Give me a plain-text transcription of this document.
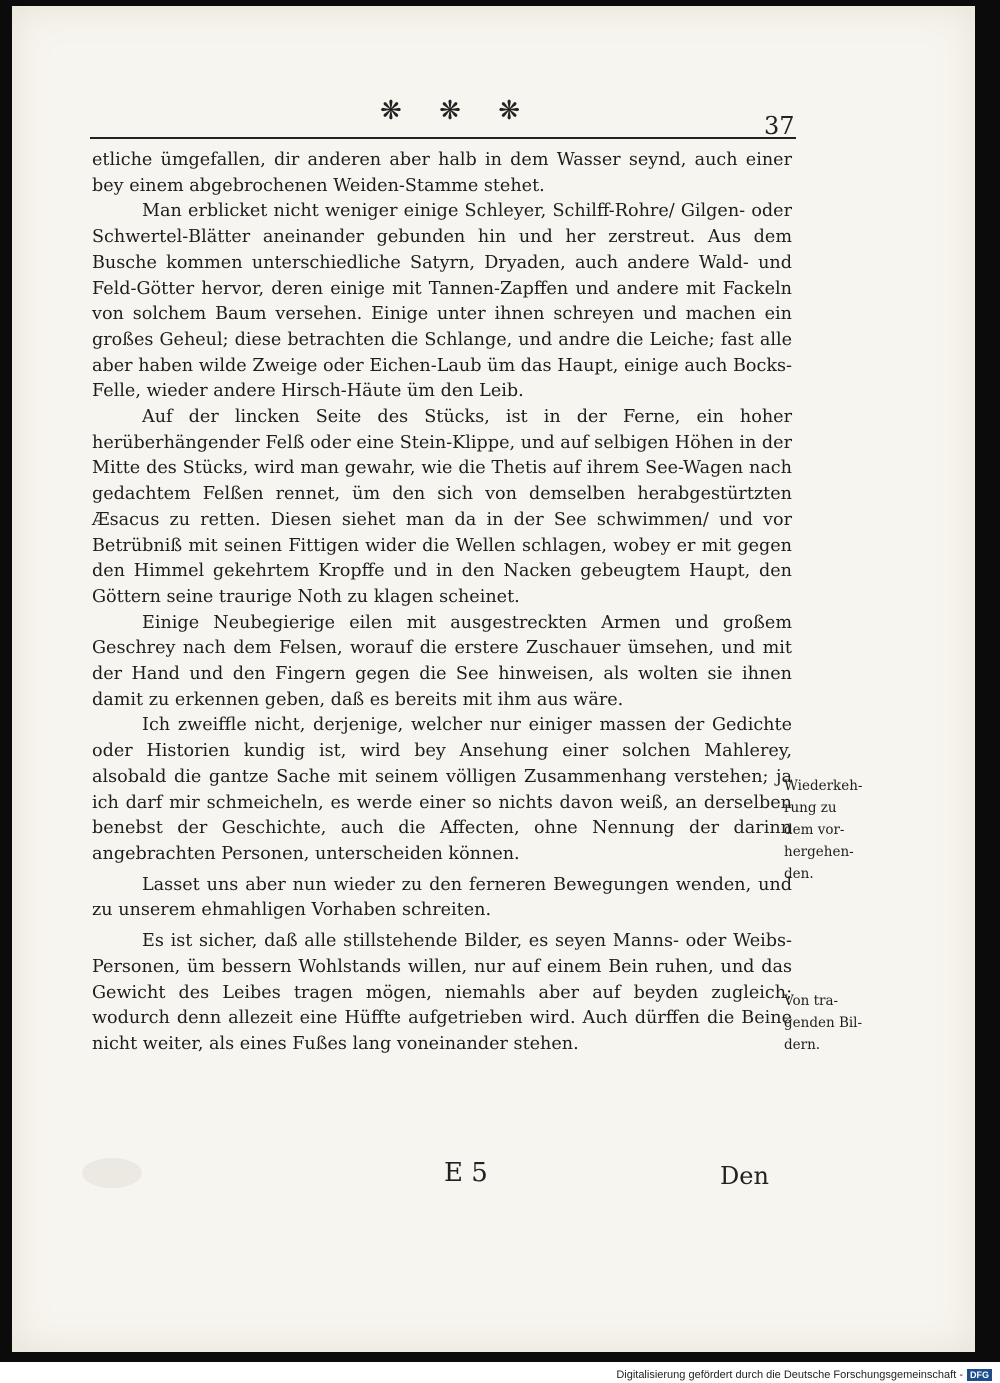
❋ ❋ ❋	37

etliche ümgefallen, dir anderen aber halb in dem Wasser seynd, auch einer bey einem abgebrochenen Weiden-Stamme stehet.

Man erblicket nicht weniger einige Schleyer, Schilff-Rohre/ Gilgen- oder Schwertel-Blätter aneinander gebunden hin und her zerstreut. Aus dem Busche kommen unterschiedliche Satyrn, Dryaden, auch andere Wald- und Feld-Götter hervor, deren einige mit Tannen-Zapffen und andere mit Fackeln von solchem Baum versehen. Einige unter ihnen schreyen und machen ein großes Geheul; diese betrachten die Schlange, und andre die Leiche; fast alle aber haben wilde Zweige oder Eichen-Laub üm das Haupt, einige auch Bocks-Felle, wieder andere Hirsch-Häute üm den Leib.

Auf der lincken Seite des Stücks, ist in der Ferne, ein hoher herüberhängender Felß oder eine Stein-Klippe, und auf selbigen Höhen in der Mitte des Stücks, wird man gewahr, wie die Thetis auf ihrem See-Wagen nach gedachtem Felßen rennet, üm den sich von demselben herabgestürtzten Æsacus zu retten. Diesen siehet man da in der See schwimmen/ und vor Betrübniß mit seinen Fittigen wider die Wellen schlagen, wobey er mit gegen den Himmel gekehrtem Kropffe und in den Nacken gebeugtem Haupt, den Göttern seine traurige Noth zu klagen scheinet.

Einige Neubegierige eilen mit ausgestreckten Armen und großem Geschrey nach dem Felsen, worauf die erstere Zuschauer ümsehen, und mit der Hand und den Fingern gegen die See hinweisen, als wolten sie ihnen damit zu erkennen geben, daß es bereits mit ihm aus wäre.

Ich zweiffle nicht, derjenige, welcher nur einiger massen der Gedichte oder Historien kundig ist, wird bey Ansehung einer solchen Mahlerey, alsobald die gantze Sache mit seinem völligen Zusammenhang verstehen; ja ich darf mir schmeicheln, es werde einer so nichts davon weiß, an derselben benebst der Geschichte, auch die Affecten, ohne Nennung der darinn angebrachten Personen, unterscheiden können.

Lasset uns aber nun wieder zu den ferneren Bewegungen wenden, und zu unserem ehmahligen Vorhaben schreiten.

Es ist sicher, daß alle stillstehende Bilder, es seyen Manns- oder Weibs-Personen, üm bessern Wohlstands willen, nur auf einem Bein ruhen, und das Gewicht des Leibes tragen mögen, niemahls aber auf beyden zugleich; wodurch denn allezeit eine Hüffte aufgetrieben wird. Auch dürffen die Beine nicht weiter, als eines Fußes lang voneinander stehen.

Wiederkeh-
rung zu
dem vor-
hergehen-
den.
Von tra-
genden Bil-
dern.
E 5	Den
Digitalisierung gefördert durch die Deutsche Forschungsgemeinschaft - DFG
